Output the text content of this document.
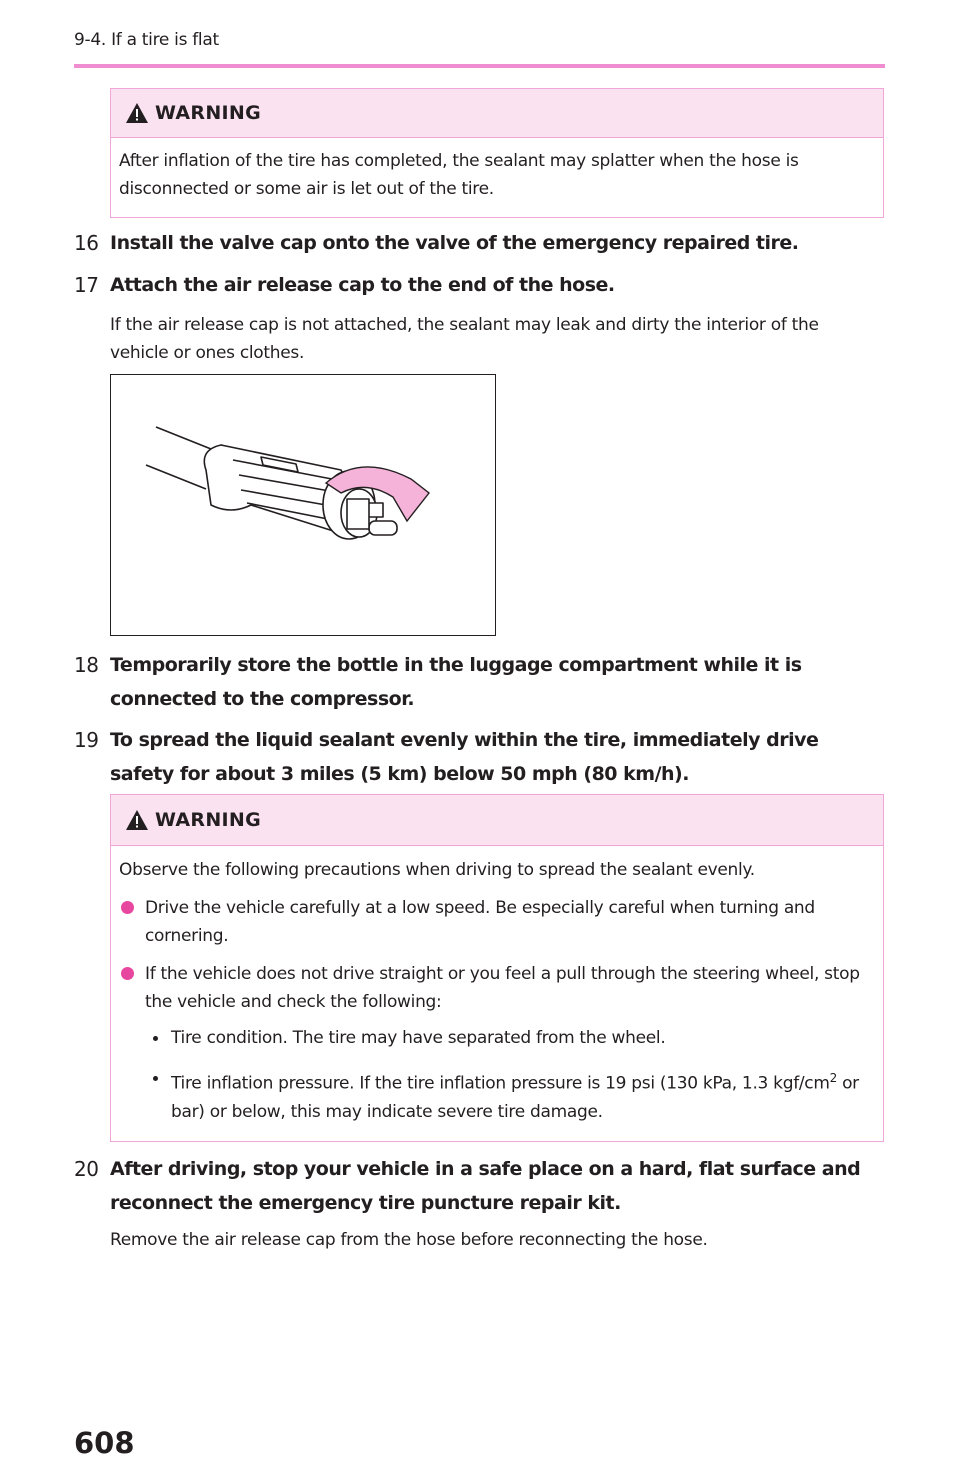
9-4. If a tire is flat
WARNING
After inflation of the tire has completed, the sealant may splatter when the hose is disconnected or some air is let out of the tire.
16 Install the valve cap onto the valve of the emergency repaired tire.
17 Attach the air release cap to the end of the hose.
If the air release cap is not attached, the sealant may leak and dirty the interior of the vehicle or ones clothes.
18 Temporarily store the bottle in the luggage compartment while it is connected to the compressor.
19 To spread the liquid sealant evenly within the tire, immediately drive safety for about 3 miles (5 km) below 50 mph (80 km/h).
WARNING
Observe the following precautions when driving to spread the sealant evenly.
Drive the vehicle carefully at a low speed. Be especially careful when turning and cornering.
If the vehicle does not drive straight or you feel a pull through the steering wheel, stop the vehicle and check the following:
Tire condition. The tire may have separated from the wheel.
Tire inflation pressure. If the tire inflation pressure is 19 psi (130 kPa, 1.3 kgf/$cm^2$ or bar) or below, this may indicate severe tire damage.
20 After driving, stop your vehicle in a safe place on a hard, flat surface and reconnect the emergency tire puncture repair kit.
Remove the air release cap from the hose before reconnecting the hose.
608
